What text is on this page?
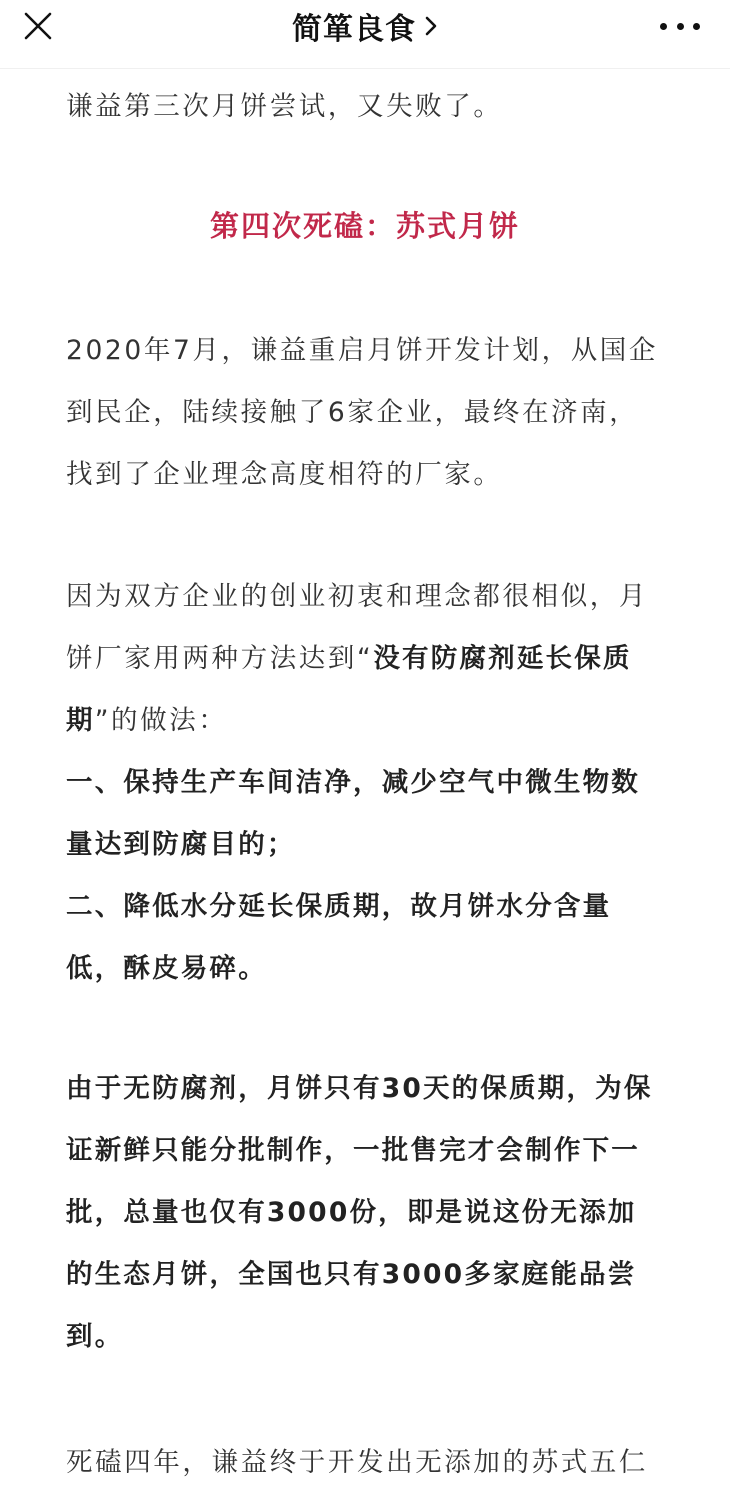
简箪良食
谦益第三次月饼尝试，又失败了。
第四次死磕：苏式月饼
2020年7月，谦益重启月饼开发计划，从国企
到民企，陆续接触了6家企业，最终在济南，
找到了企业理念高度相符的厂家。
因为双方企业的创业初衷和理念都很相似，月
饼厂家用两种方法达到“没有防腐剂延长保质
期”的做法：
一、保持生产车间洁净，减少空气中微生物数
量达到防腐目的；
二、降低水分延长保质期，故月饼水分含量
低，酥皮易碎。
由于无防腐剂，月饼只有30天的保质期，为保
证新鲜只能分批制作，一批售完才会制作下一
批，总量也仅有3000份，即是说这份无添加
的生态月饼，全国也只有3000多家庭能品尝
到。
死磕四年，谦益终于开发出无添加的苏式五仁
